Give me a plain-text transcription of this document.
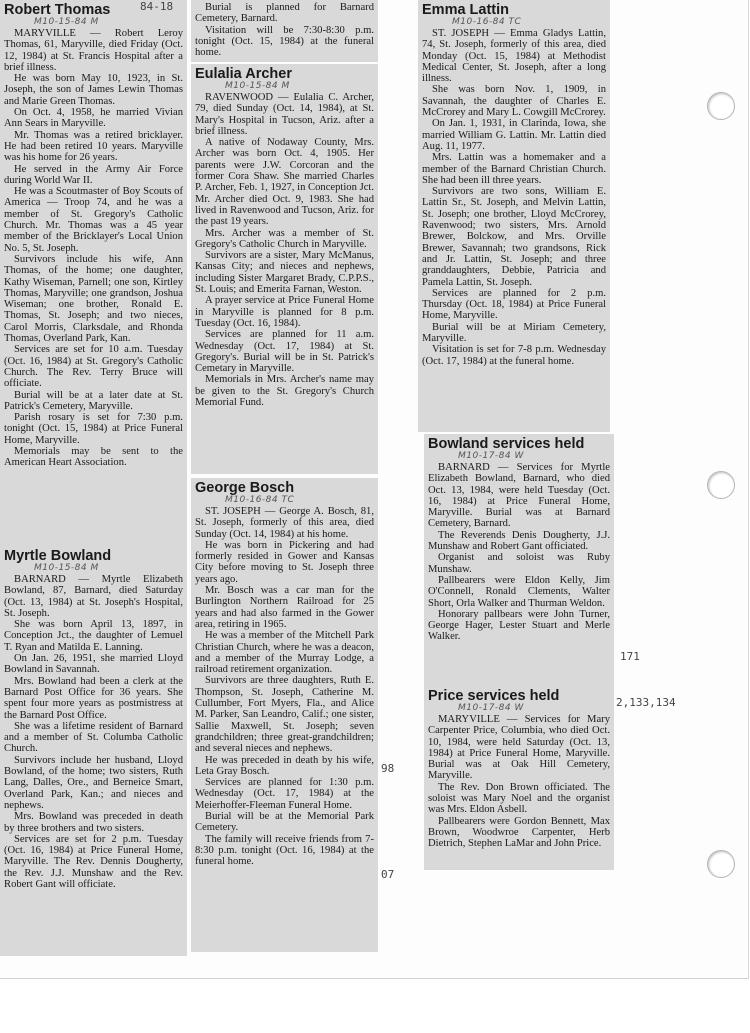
Robert Thomas
M10-15-84 M

MARYVILLE — Robert Leroy Thomas, 61, Maryville, died Friday (Oct. 12, 1984) at St. Francis Hospital after a brief illness.

He was born May 10, 1923, in St. Joseph, the son of James Lewin Thomas and Marie Green Thomas.

On Oct. 4, 1958, he married Vivian Ann Sears in Maryville.

Mr. Thomas was a retired bricklayer. He had been retired 10 years. Maryville was his home for 26 years.

He served in the Army Air Force during World War II.

He was a Scoutmaster of Boy Scouts of America — Troop 74, and he was a member of St. Gregory's Catholic Church. Mr. Thomas was a 45 year member of the Bricklayer's Local Union No. 5, St. Joseph.

Survivors include his wife, Ann Thomas, of the home; one daughter, Kathy Wiseman, Parnell; one son, Kirtley Thomas, Maryville; one grandson, Joshua Wiseman; one brother, Ronald E. Thomas, St. Joseph; and two nieces, Carol Morris, Clarksdale, and Rhonda Thomas, Overland Park, Kan.

Services are set for 10 a.m. Tuesday (Oct. 16, 1984) at St. Gregory's Catholic Church. The Rev. Terry Bruce will officiate.

Burial will be at a later date at St. Patrick's Cemetery, Maryville.

Parish rosary is set for 7:30 p.m. tonight (Oct. 15, 1984) at Price Funeral Home, Maryville.

Memorials may be sent to the American Heart Association.

Myrtle Bowland
M10-15-84 M

BARNARD — Myrtle Elizabeth Bowland, 87, Barnard, died Saturday (Oct. 13, 1984) at St. Joseph's Hospital, St. Joseph.

She was born April 13, 1897, in Conception Jct., the daughter of Lemuel T. Ryan and Matilda E. Lanning.

On Jan. 26, 1951, she married Lloyd Bowland in Savannah.

Mrs. Bowland had been a clerk at the Barnard Post Office for 36 years. She spent four more years as postmistress at the Barnard Post Office.

She was a lifetime resident of Barnard and a member of St. Columba Catholic Church.

Survivors include her husband, Lloyd Bowland, of the home; two sisters, Ruth Lang, Dalles, Ore., and Berneice Smart, Overland Park, Kan.; and nieces and nephews.

Mrs. Bowland was preceded in death by three brothers and two sisters.

Services are set for 2 p.m. Tuesday (Oct. 16, 1984) at Price Funeral Home, Maryville. The Rev. Dennis Dougherty, the Rev. J.J. Munshaw and the Rev. Robert Gant will officiate.

Burial is planned for Barnard Cemetery, Barnard.

Visitation will be 7:30-8:30 p.m. tonight (Oct. 15, 1984) at the funeral home.

Eulalia Archer
M10-15-84 M

RAVENWOOD — Eulalia C. Archer, 79, died Sunday (Oct. 14, 1984), at St. Mary's Hospital in Tucson, Ariz. after a brief illness.

A native of Nodaway County, Mrs. Archer was born Oct. 4, 1905. Her parents were J.W. Corcoran and the former Cora Shaw. She married Charles P. Archer, Feb. 1, 1927, in Conception Jct. Mr. Archer died Oct. 9, 1983. She had lived in Ravenwood and Tucson, Ariz. for the past 19 years.

Mrs. Archer was a member of St. Gregory's Catholic Church in Maryville.

Survivors are a sister, Mary McManus, Kansas City; and nieces and nephews, including Sister Margaret Brady, C.P.P.S., St. Louis; and Emerita Farnan, Weston.

A prayer service at Price Funeral Home in Maryville is planned for 8 p.m. Tuesday (Oct. 16, 1984).

Services are planned for 11 a.m. Wednesday (Oct. 17, 1984) at St. Gregory's. Burial will be in St. Patrick's Cemetary in Maryville.

Memorials in Mrs. Archer's name may be given to the St. Gregory's Church Memorial Fund.

George Bosch
M10-16-84 TC

ST. JOSEPH — George A. Bosch, 81, St. Joseph, formerly of this area, died Sunday (Oct. 14, 1984) at his home.

He was born in Pickering and had formerly resided in Gower and Kansas City before moving to St. Joseph three years ago.

Mr. Bosch was a car man for the Burlington Northern Railroad for 25 years and had also farmed in the Gower area, retiring in 1965.

He was a member of the Mitchell Park Christian Church, where he was a deacon, and a member of the Murray Lodge, a railroad retirement organization.

Survivors are three daughters, Ruth E. Thompson, St. Joseph, Catherine M. Cullumber, Fort Myers, Fla., and Alice M. Parker, San Leandro, Calif.; one sister, Sallie Maxwell, St. Joseph; seven grandchildren; three great-grandchildren; and several nieces and nephews.

He was preceded in death by his wife, Leta Gray Bosch.

Services are planned for 1:30 p.m. Wednesday (Oct. 17, 1984) at the Meierhoffer-Fleeman Funeral Home.

Burial will be at the Memorial Park Cemetery.

The family will receive friends from 7-8:30 p.m. tonight (Oct. 16, 1984) at the funeral home.

Emma Lattin
M10-16-84 TC

ST. JOSEPH — Emma Gladys Lattin, 74, St. Joseph, formerly of this area, died Monday (Oct. 15, 1984) at Methodist Medical Center, St. Joseph, after a long illness.

She was born Nov. 1, 1909, in Savannah, the daughter of Charles E. McCrorey and Mary L. Cowgill McCrorey.

On Jan. 1, 1931, in Clarinda, Iowa, she married William G. Lattin. Mr. Lattin died Aug. 11, 1977.

Mrs. Lattin was a homemaker and a member of the Barnard Christian Church. She had been ill three years.

Survivors are two sons, William E. Lattin Sr., St. Joseph, and Melvin Lattin, St. Joseph; one brother, Lloyd McCrorey, Ravenwood; two sisters, Mrs. Arnold Brewer, Bolckow, and Mrs. Orville Brewer, Savannah; two grandsons, Rick and Jr. Lattin, St. Joseph; and three granddaughters, Debbie, Patricia and Pamela Lattin, St. Joseph.

Services are planned for 2 p.m. Thursday (Oct. 18, 1984) at Price Funeral Home, Maryville.

Burial will be at Miriam Cemetery, Maryville.

Visitation is set for 7-8 p.m. Wednesday (Oct. 17, 1984) at the funeral home.

Bowland services held
M10-17-84 W

BARNARD — Services for Myrtle Elizabeth Bowland, Barnard, who died Oct. 13, 1984, were held Tuesday (Oct. 16, 1984) at Price Funeral Home, Maryville. Burial was at Barnard Cemetery, Barnard.

The Reverends Denis Dougherty, J.J. Munshaw and Robert Gant officiated.

Organist and soloist was Ruby Munshaw.

Pallbearers were Eldon Kelly, Jim O'Connell, Ronald Clements, Walter Short, Orla Walker and Thurman Weldon.

Honorary pallbears were John Turner, George Hager, Lester Stuart and Merle Walker.

Price services held
M10-17-84 W

MARYVILLE — Services for Mary Carpenter Price, Columbia, who died Oct. 10, 1984, were held Saturday (Oct. 13, 1984) at Price Funeral Home, Maryville. Burial was at Oak Hill Cemetery, Maryville.

The Rev. Don Brown officiated. The soloist was Mary Noel and the organist was Mrs. Eldon Asbell.

Pallbearers were Gordon Bennett, Max Brown, Woodwroe Carpenter, Herb Dietrich, Stephen LaMar and John Price.

171
2,133,134
98
07
84-18
